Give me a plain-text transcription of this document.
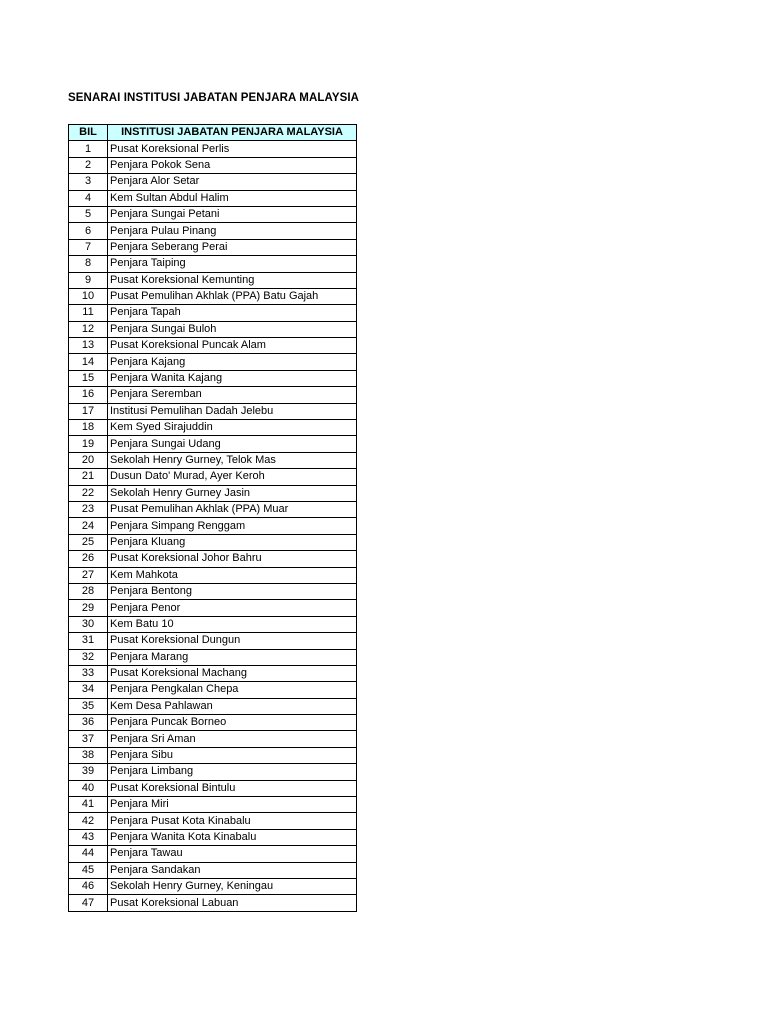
SENARAI INSTITUSI JABATAN PENJARA MALAYSIA
BIL	INSTITUSI JABATAN PENJARA MALAYSIA
1	Pusat Koreksional Perlis
2	Penjara Pokok Sena
3	Penjara Alor Setar
4	Kem Sultan Abdul Halim
5	Penjara Sungai Petani
6	Penjara Pulau Pinang
7	Penjara Seberang Perai
8	Penjara Taiping
9	Pusat Koreksional Kemunting
10	Pusat Pemulihan Akhlak (PPA) Batu Gajah
11	Penjara Tapah
12	Penjara Sungai Buloh
13	Pusat Koreksional Puncak Alam
14	Penjara Kajang
15	Penjara Wanita Kajang
16	Penjara Seremban
17	Institusi Pemulihan Dadah Jelebu
18	Kem Syed Sirajuddin
19	Penjara Sungai Udang
20	Sekolah Henry Gurney, Telok Mas
21	Dusun Dato' Murad, Ayer Keroh
22	Sekolah Henry Gurney Jasin
23	Pusat Pemulihan Akhlak (PPA) Muar
24	Penjara Simpang Renggam
25	Penjara Kluang
26	Pusat Koreksional Johor Bahru
27	Kem Mahkota
28	Penjara Bentong
29	Penjara Penor
30	Kem Batu 10
31	Pusat Koreksional Dungun
32	Penjara Marang
33	Pusat Koreksional Machang
34	Penjara Pengkalan Chepa
35	Kem Desa Pahlawan
36	Penjara Puncak Borneo
37	Penjara Sri Aman
38	Penjara Sibu
39	Penjara Limbang
40	Pusat Koreksional Bintulu
41	Penjara Miri
42	Penjara Pusat Kota Kinabalu
43	Penjara Wanita Kota Kinabalu
44	Penjara Tawau
45	Penjara Sandakan
46	Sekolah Henry Gurney, Keningau
47	Pusat Koreksional Labuan
